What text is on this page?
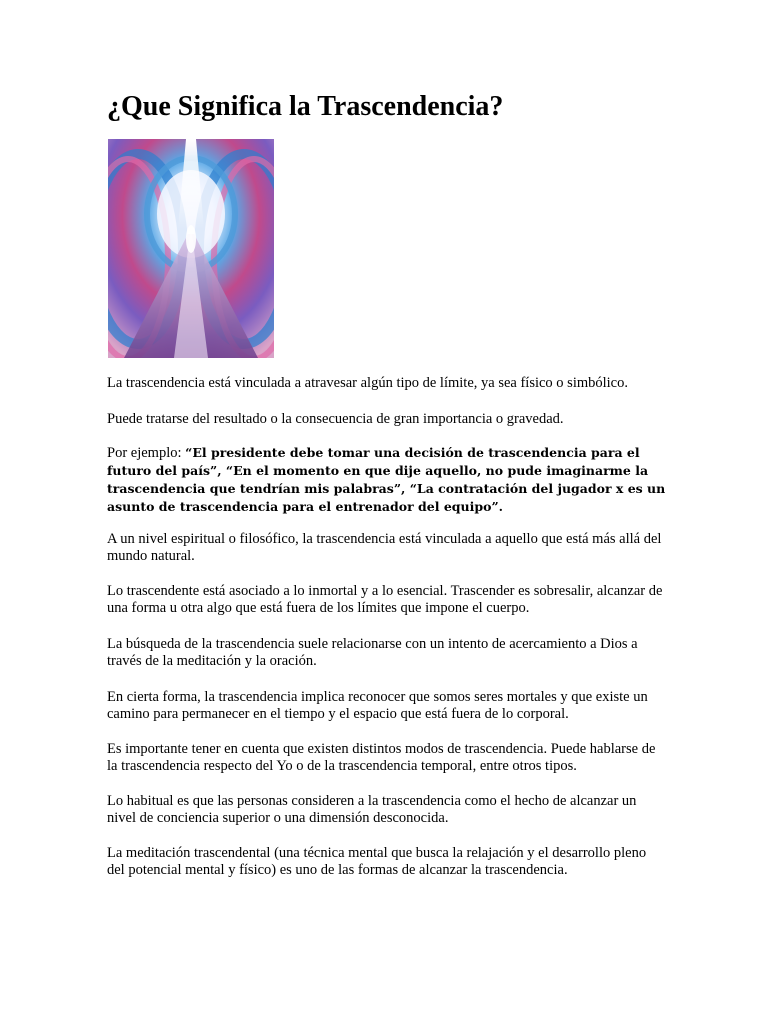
¿Que Significa la Trascendencia?

La trascendencia está vinculada a atravesar algún tipo de límite, ya sea físico o simbólico.

Puede tratarse del resultado o la consecuencia de gran importancia o gravedad.

Por ejemplo: “El presidente debe tomar una decisión de trascendencia para el futuro del país”, “En el momento en que dije aquello, no pude imaginarme la trascendencia que tendrían mis palabras”, “La contratación del jugador x es un asunto de trascendencia para el entrenador del equipo”.

A un nivel espiritual o filosófico, la trascendencia está vinculada a aquello que está más allá del mundo natural.

Lo trascendente está asociado a lo inmortal y a lo esencial. Trascender es sobresalir, alcanzar de una forma u otra algo que está fuera de los límites que impone el cuerpo.

La búsqueda de la trascendencia suele relacionarse con un intento de acercamiento a Dios a través de la meditación y la oración.

En cierta forma, la trascendencia implica reconocer que somos seres mortales y que existe un camino para permanecer en el tiempo y el espacio que está fuera de lo corporal.

Es importante tener en cuenta que existen distintos modos de trascendencia. Puede hablarse de la trascendencia respecto del Yo o de la trascendencia temporal, entre otros tipos.

Lo habitual es que las personas consideren a la trascendencia como el hecho de alcanzar un nivel de conciencia superior o una dimensión desconocida.

La meditación trascendental (una técnica mental que busca la relajación y el desarrollo pleno del potencial mental y físico) es uno de las formas de alcanzar la trascendencia.
